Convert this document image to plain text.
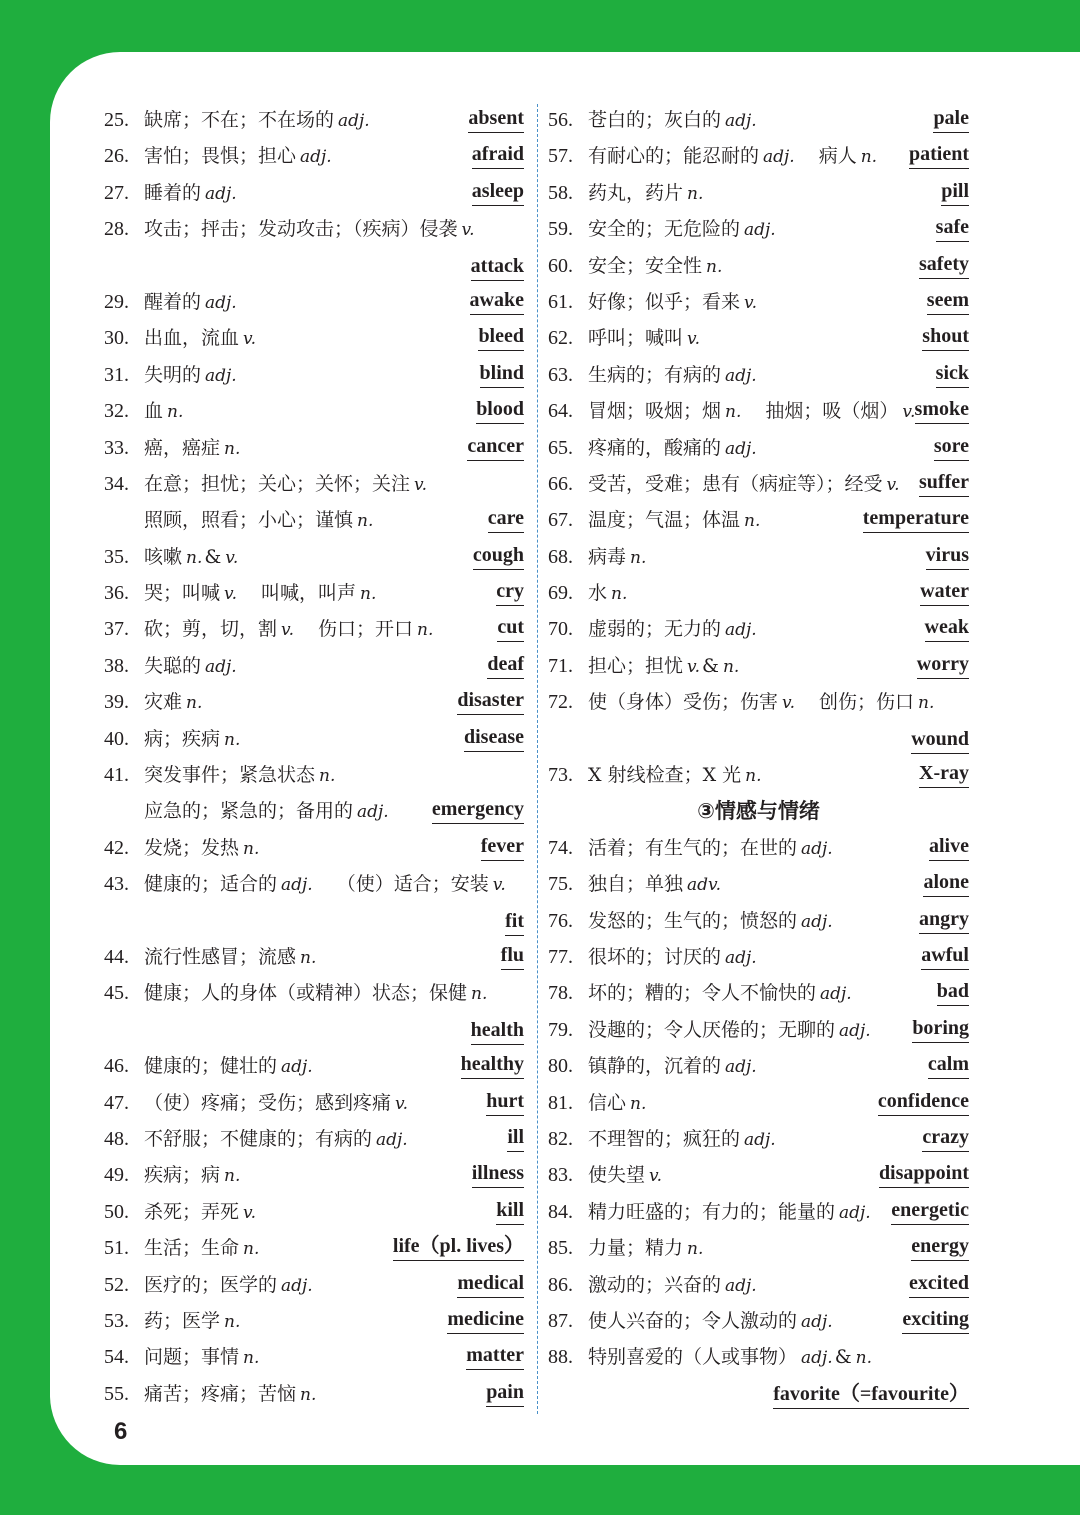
25. 缺席；不在；不在场的 adj.	absent
26. 害怕；畏惧；担心 adj.	afraid
27. 睡着的 adj.	asleep
28. 攻击；抨击；发动攻击；（疾病）侵袭 v.
attack
29. 醒着的 adj.	awake
30. 出血，流血 v.	bleed
31. 失明的 adj.	blind
32. 血 n.	blood
33. 癌，癌症 n.	cancer
34. 在意；担忧；关心；关怀；关注 v.
照顾，照看；小心；谨慎 n.	care
35. 咳嗽 n. & v.	cough
36. 哭；叫喊 v. 叫喊，叫声 n.	cry
37. 砍；剪，切，割 v. 伤口；开口 n.	cut
38. 失聪的 adj.	deaf
39. 灾难 n.	disaster
40. 病；疾病 n.	disease
41. 突发事件；紧急状态 n.
应急的；紧急的；备用的 adj. emergency
42. 发烧；发热 n.	fever
43. 健康的；适合的 adj. （使）适合；安装 v.
fit
44. 流行性感冒；流感 n.	flu
45. 健康；人的身体（或精神）状态；保健 n.
health
46. 健康的；健壮的 adj.	healthy
47. （使）疼痛；受伤；感到疼痛 v.	hurt
48. 不舒服；不健康的；有病的 adj.	ill
49. 疾病；病 n.	illness
50. 杀死；弄死 v.	kill
51. 生活；生命 n.	life（pl. lives）
52. 医疗的；医学的 adj.	medical
53. 药；医学 n.	medicine
54. 问题；事情 n.	matter
55. 痛苦；疼痛；苦恼 n.	pain
56. 苍白的；灰白的 adj.	pale
57. 有耐心的；能忍耐的 adj. 病人 n. patient
58. 药丸，药片 n.	pill
59. 安全的；无危险的 adj.	safe
60. 安全；安全性 n.	safety
61. 好像；似乎；看来 v.	seem
62. 呼叫；喊叫 v.	shout
63. 生病的；有病的 adj.	sick
64. 冒烟；吸烟；烟 n. 抽烟；吸（烟） v. smoke
65. 疼痛的，酸痛的 adj.	sore
66. 受苦，受难；患有（病症等）；经受 v. suffer
67. 温度；气温；体温 n.	temperature
68. 病毒 n.	virus
69. 水 n.	water
70. 虚弱的；无力的 adj.	weak
71. 担心；担忧 v. & n.	worry
72. 使（身体）受伤；伤害 v. 创伤；伤口 n.
wound
73. X 射线检查；X 光 n.	X-ray
③情感与情绪
74. 活着；有生气的；在世的 adj.	alive
75. 独自；单独 adv.	alone
76. 发怒的；生气的；愤怒的 adj.	angry
77. 很坏的；讨厌的 adj.	awful
78. 坏的；糟的；令人不愉快的 adj.	bad
79. 没趣的；令人厌倦的；无聊的 adj. boring
80. 镇静的，沉着的 adj.	calm
81. 信心 n.	confidence
82. 不理智的；疯狂的 adj.	crazy
83. 使失望 v.	disappoint
84. 精力旺盛的；有力的；能量的 adj. energetic
85. 力量；精力 n.	energy
86. 激动的；兴奋的 adj.	excited
87. 使人兴奋的；令人激动的 adj.	exciting
88. 特别喜爱的（人或事物） adj. & n.
favorite（=favourite）
6
